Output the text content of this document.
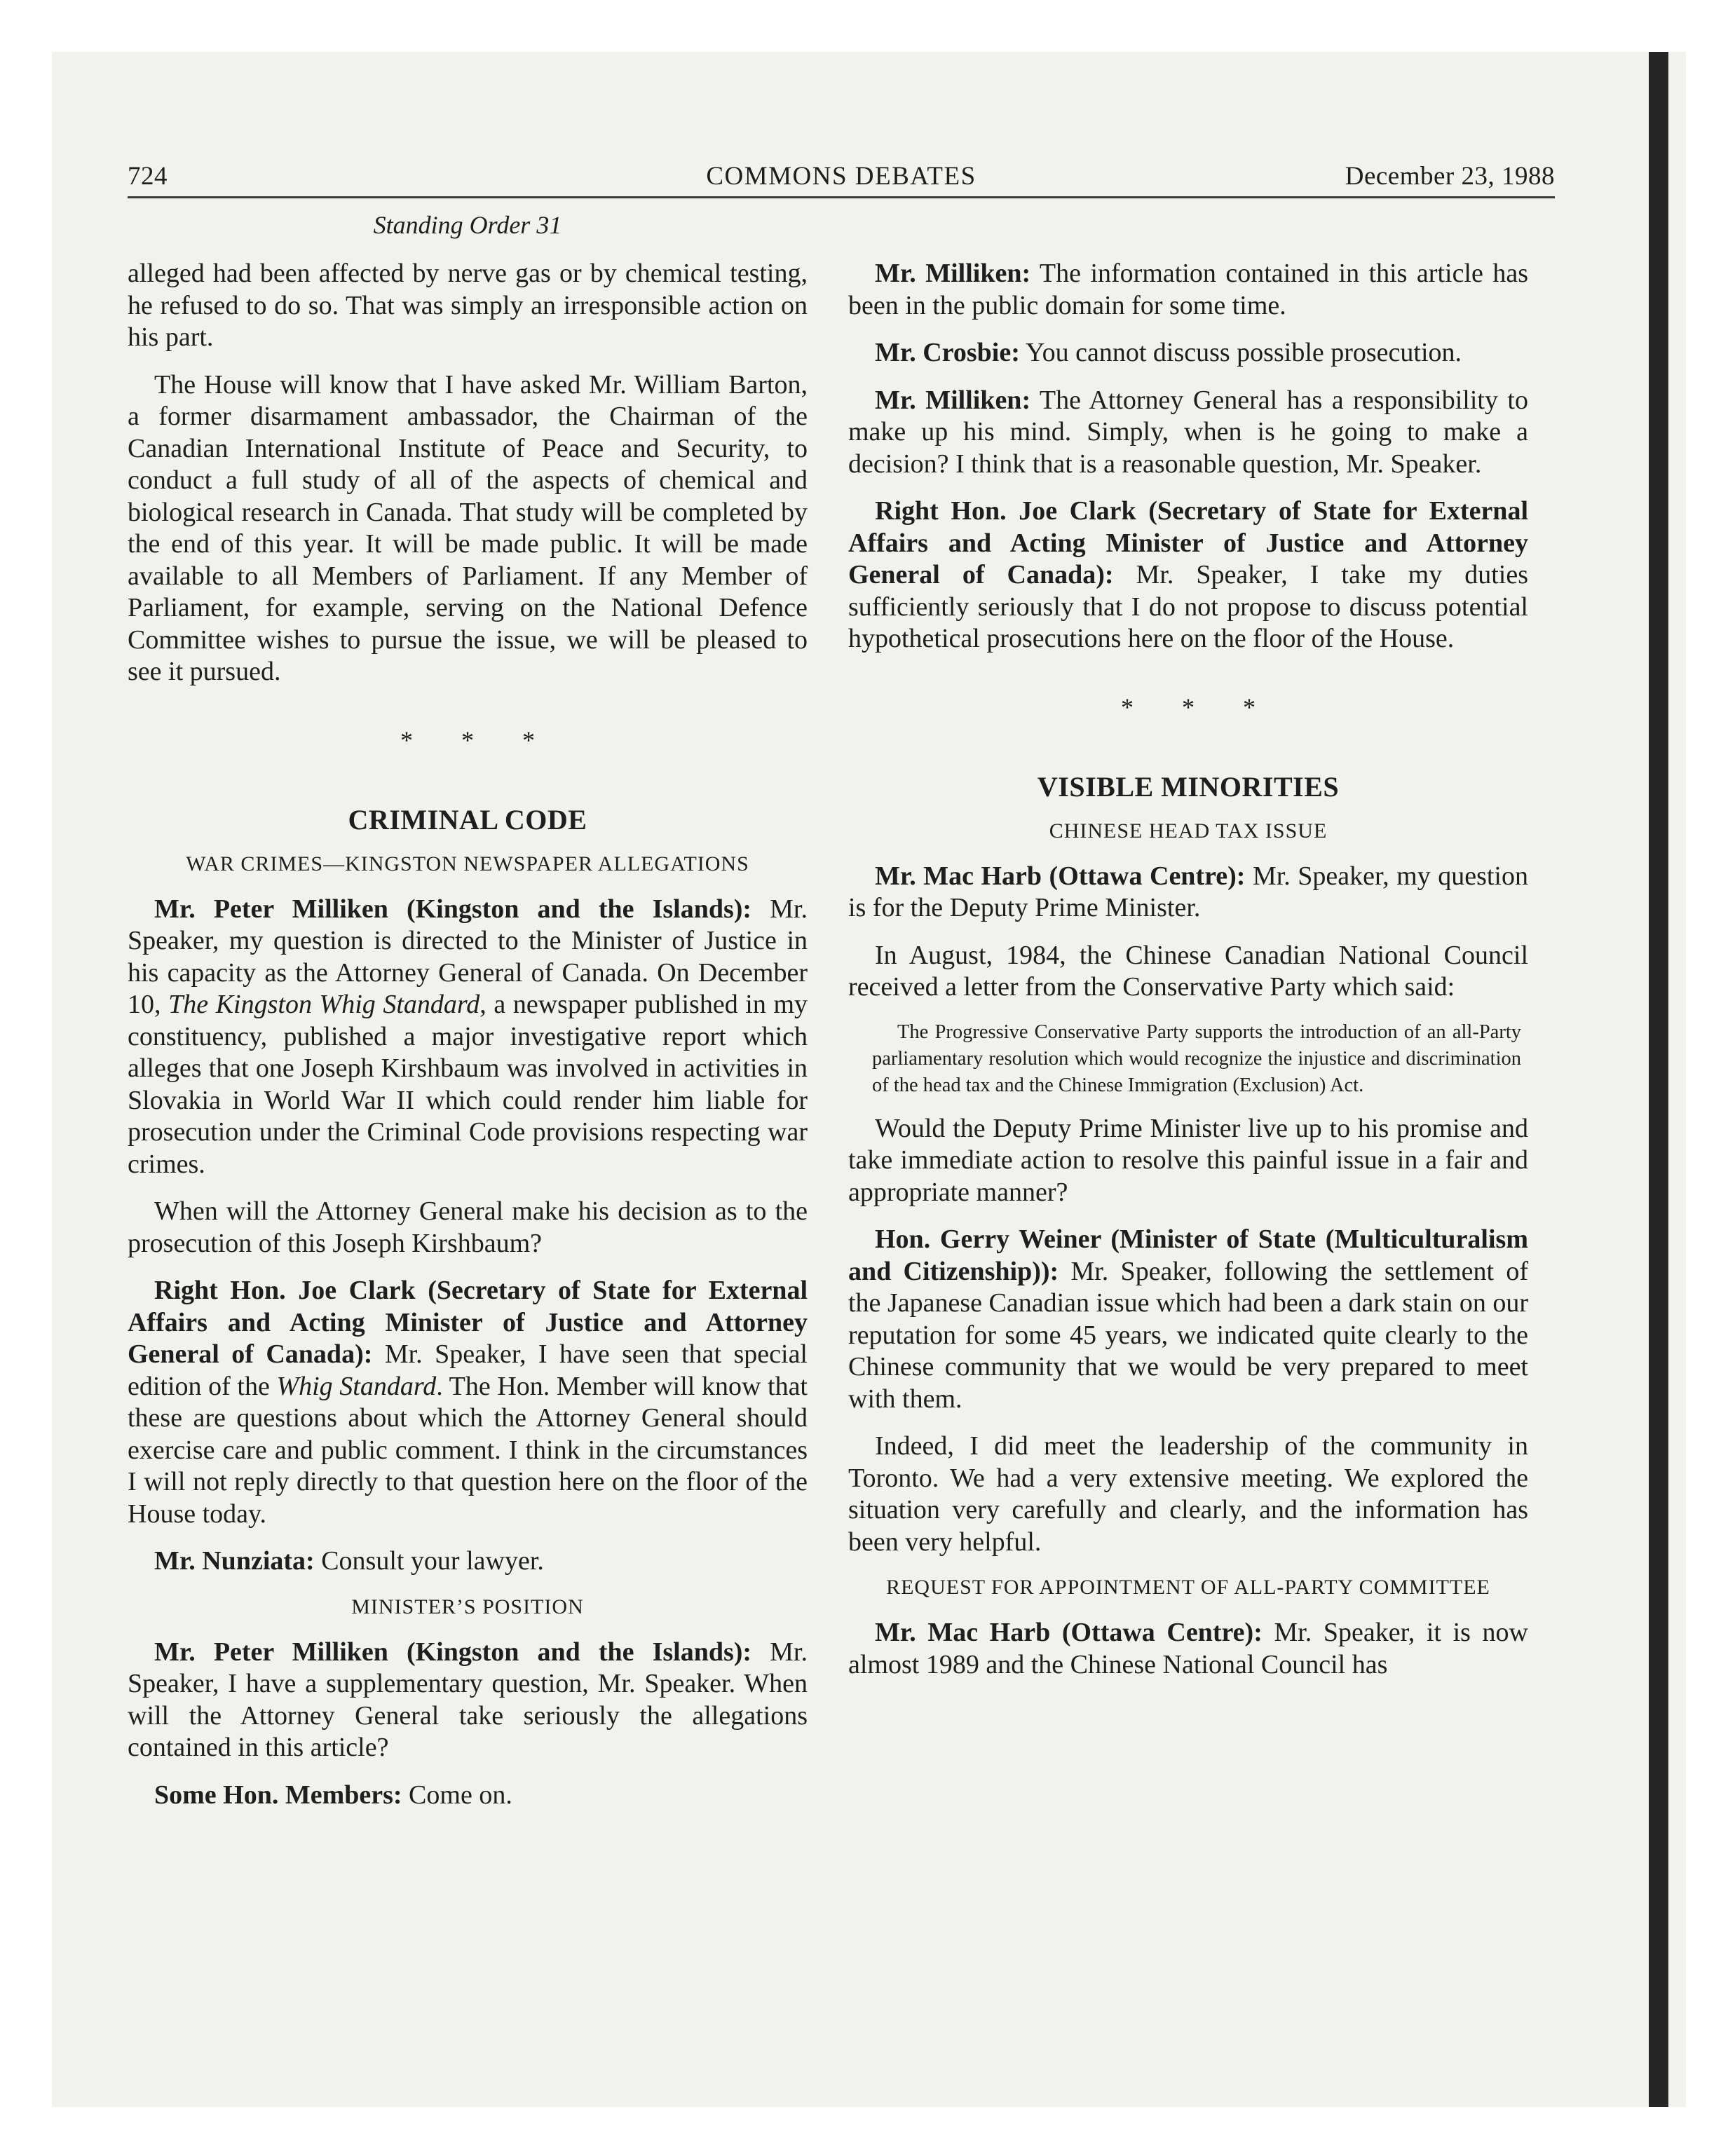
724	COMMONS DEBATES	December 23, 1988
Standing Order 31

alleged had been affected by nerve gas or by chemical testing, he refused to do so. That was simply an irresponsible action on his part.

The House will know that I have asked Mr. William Barton, a former disarmament ambassador, the Chairman of the Canadian International Institute of Peace and Security, to conduct a full study of all of the aspects of chemical and biological research in Canada. That study will be completed by the end of this year. It will be made public. It will be made available to all Members of Parliament. If any Member of Parliament, for example, serving on the National Defence Committee wishes to pursue the issue, we will be pleased to see it pursued.

* * *
CRIMINAL CODE
WAR CRIMES—KINGSTON NEWSPAPER ALLEGATIONS

Mr. Peter Milliken (Kingston and the Islands): Mr. Speaker, my question is directed to the Minister of Justice in his capacity as the Attorney General of Canada. On December 10, The Kingston Whig Standard, a newspaper published in my constituency, published a major investigative report which alleges that one Joseph Kirshbaum was involved in activities in Slovakia in World War II which could render him liable for prosecution under the Criminal Code provisions respecting war crimes.

When will the Attorney General make his decision as to the prosecution of this Joseph Kirshbaum?

Right Hon. Joe Clark (Secretary of State for External Affairs and Acting Minister of Justice and Attorney General of Canada): Mr. Speaker, I have seen that special edition of the Whig Standard. The Hon. Member will know that these are questions about which the Attorney General should exercise care and public comment. I think in the circumstances I will not reply directly to that question here on the floor of the House today.

Mr. Nunziata: Consult your lawyer.

MINISTER’S POSITION

Mr. Peter Milliken (Kingston and the Islands): Mr. Speaker, I have a supplementary question, Mr. Speaker. When will the Attorney General take seriously the allegations contained in this article?

Some Hon. Members: Come on.

Mr. Milliken: The information contained in this article has been in the public domain for some time.

Mr. Crosbie: You cannot discuss possible prosecution.

Mr. Milliken: The Attorney General has a responsibility to make up his mind. Simply, when is he going to make a decision? I think that is a reasonable question, Mr. Speaker.

Right Hon. Joe Clark (Secretary of State for External Affairs and Acting Minister of Justice and Attorney General of Canada): Mr. Speaker, I take my duties sufficiently seriously that I do not propose to discuss potential hypothetical prosecutions here on the floor of the House.

* * *
VISIBLE MINORITIES
CHINESE HEAD TAX ISSUE

Mr. Mac Harb (Ottawa Centre): Mr. Speaker, my question is for the Deputy Prime Minister.

In August, 1984, the Chinese Canadian National Council received a letter from the Conservative Party which said:

The Progressive Conservative Party supports the introduction of an all-Party parliamentary resolution which would recognize the injustice and discrimination of the head tax and the Chinese Immigration (Exclusion) Act.

Would the Deputy Prime Minister live up to his promise and take immediate action to resolve this painful issue in a fair and appropriate manner?

Hon. Gerry Weiner (Minister of State (Multiculturalism and Citizenship)): Mr. Speaker, following the settlement of the Japanese Canadian issue which had been a dark stain on our reputation for some 45 years, we indicated quite clearly to the Chinese community that we would be very prepared to meet with them.

Indeed, I did meet the leadership of the community in Toronto. We had a very extensive meeting. We explored the situation very carefully and clearly, and the information has been very helpful.

REQUEST FOR APPOINTMENT OF ALL-PARTY COMMITTEE

Mr. Mac Harb (Ottawa Centre): Mr. Speaker, it is now almost 1989 and the Chinese National Council has
